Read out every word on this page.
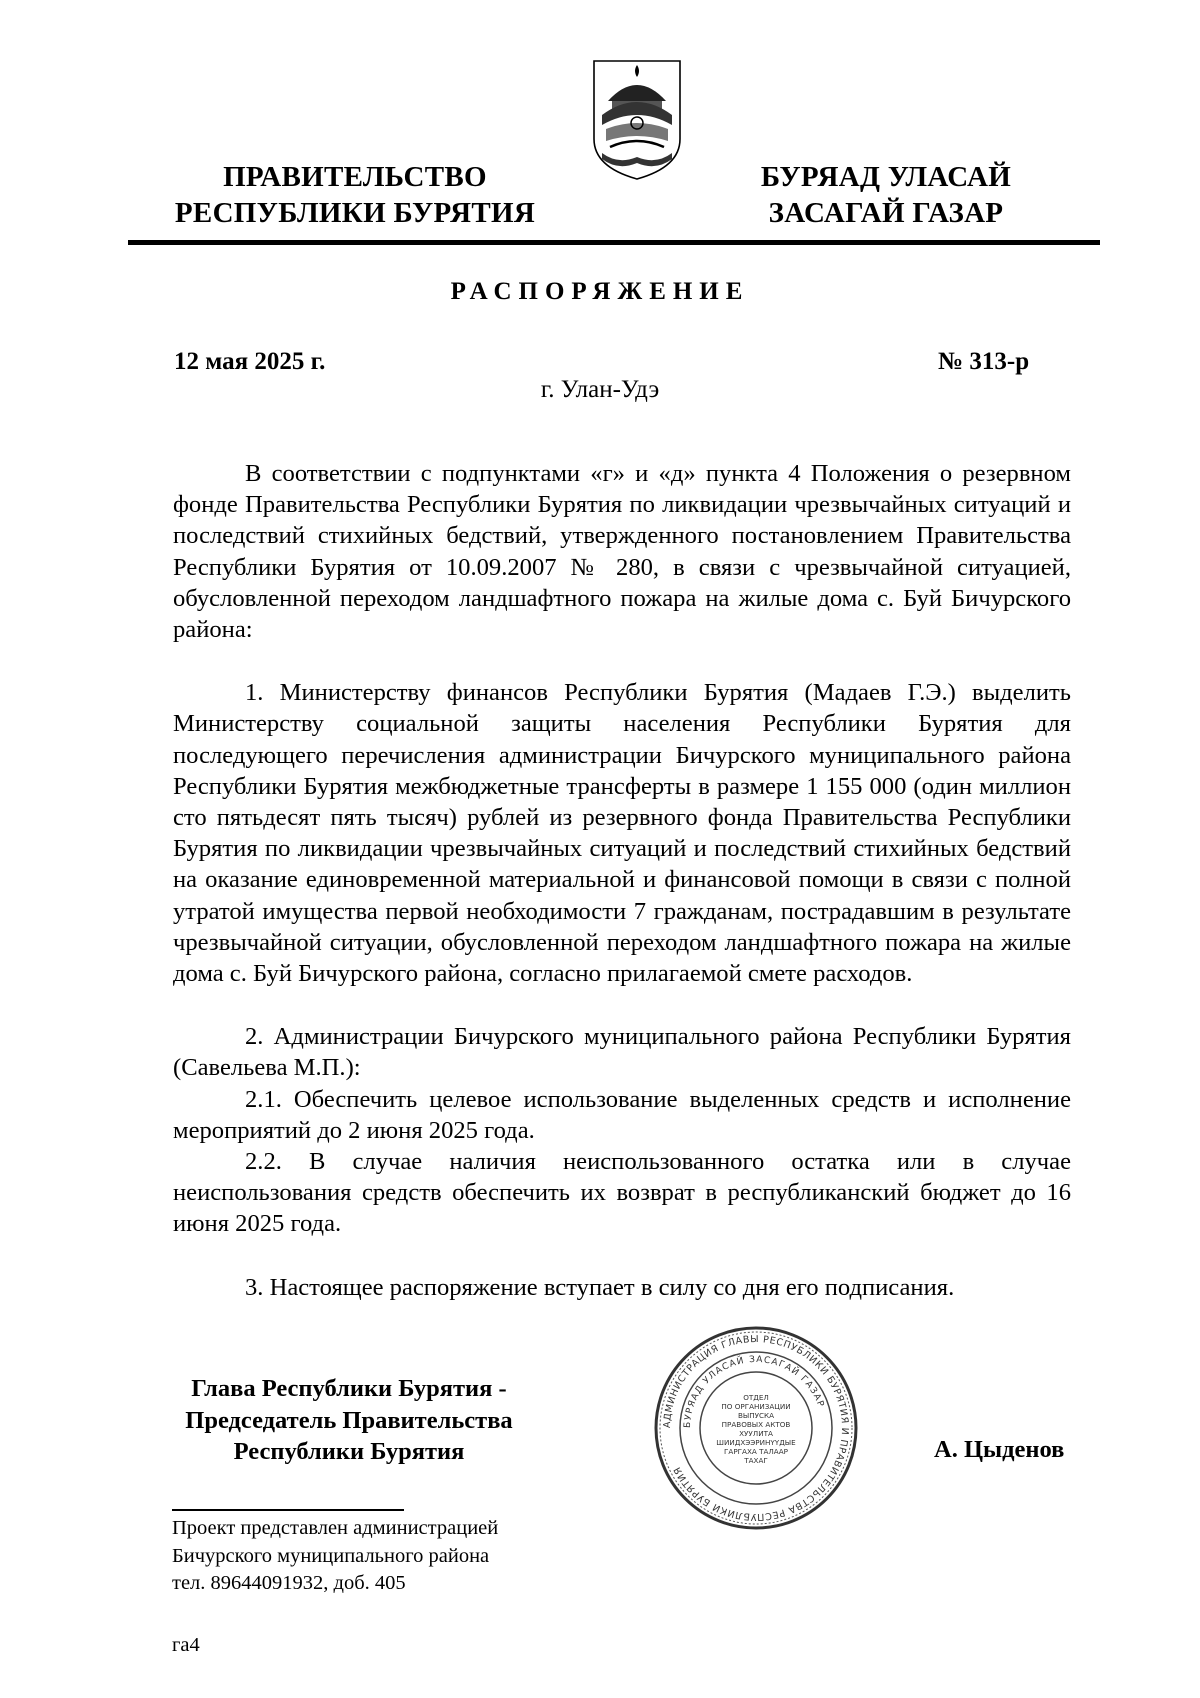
ПРАВИТЕЛЬСТВО
РЕСПУБЛИКИ БУРЯТИЯ
БУРЯАД УЛАСАЙ
ЗАСАГАЙ ГАЗАР
РАСПОРЯЖЕНИЕ
12 мая 2025 г.	№ 313-р
г. Улан-Удэ

В соответствии с подпунктами «г» и «д» пункта 4 Положения о резервном фонде Правительства Республики Бурятия по ликвидации чрезвычайных ситуаций и последствий стихийных бедствий, утвержденного постановлением Правительства Республики Бурятия от 10.09.2007 № 280, в связи с чрезвычайной ситуацией, обусловленной переходом ландшафтного пожара на жилые дома с. Буй Бичурского района:

1. Министерству финансов Республики Бурятия (Мадаев Г.Э.) выделить Министерству социальной защиты населения Республики Бурятия для последующего перечисления администрации Бичурского муниципального района Республики Бурятия межбюджетные трансферты в размере 1 155 000 (один миллион сто пятьдесят пять тысяч) рублей из резервного фонда Правительства Республики Бурятия по ликвидации чрезвычайных ситуаций и последствий стихийных бедствий на оказание единовременной материальной и финансовой помощи в связи с полной утратой имущества первой необходимости 7 гражданам, пострадавшим в результате чрезвычайной ситуации, обусловленной переходом ландшафтного пожара на жилые дома с. Буй Бичурского района, согласно прилагаемой смете расходов.

2. Администрации Бичурского муниципального района Республики Бурятия (Савельева М.П.):

2.1. Обеспечить целевое использование выделенных средств и исполнение мероприятий до 2 июня 2025 года.

2.2. В случае наличия неиспользованного остатка или в случае неиспользования средств обеспечить их возврат в республиканский бюджет до 16 июня 2025 года.

3. Настоящее распоряжение вступает в силу со дня его подписания.

Глава Республики Бурятия -
Председатель Правительства
Республики Бурятия
АДМИНИСТРАЦИЯ ГЛАВЫ РЕСПУБЛИКИ БУРЯТИЯ И ПРАВИТЕЛЬСТВА РЕСПУБЛИКИ БУРЯТИЯ
БУРЯАД УЛАСАЙ ЗАСАГАЙ ГАЗАР
ОТДЕЛ
ПО ОРГАНИЗАЦИИ
ВЫПУСКА
ПРАВОВЫХ АКТОВ
ХУУЛИТА
ШИИДХЭЭРИНҮҮДЫЕ
ГАРГАХА ТАЛААР
ТАХАГ	А. Цыденов
Проект представлен администрацией
Бичурского муниципального района
тел. 89644091932, доб. 405
га4
